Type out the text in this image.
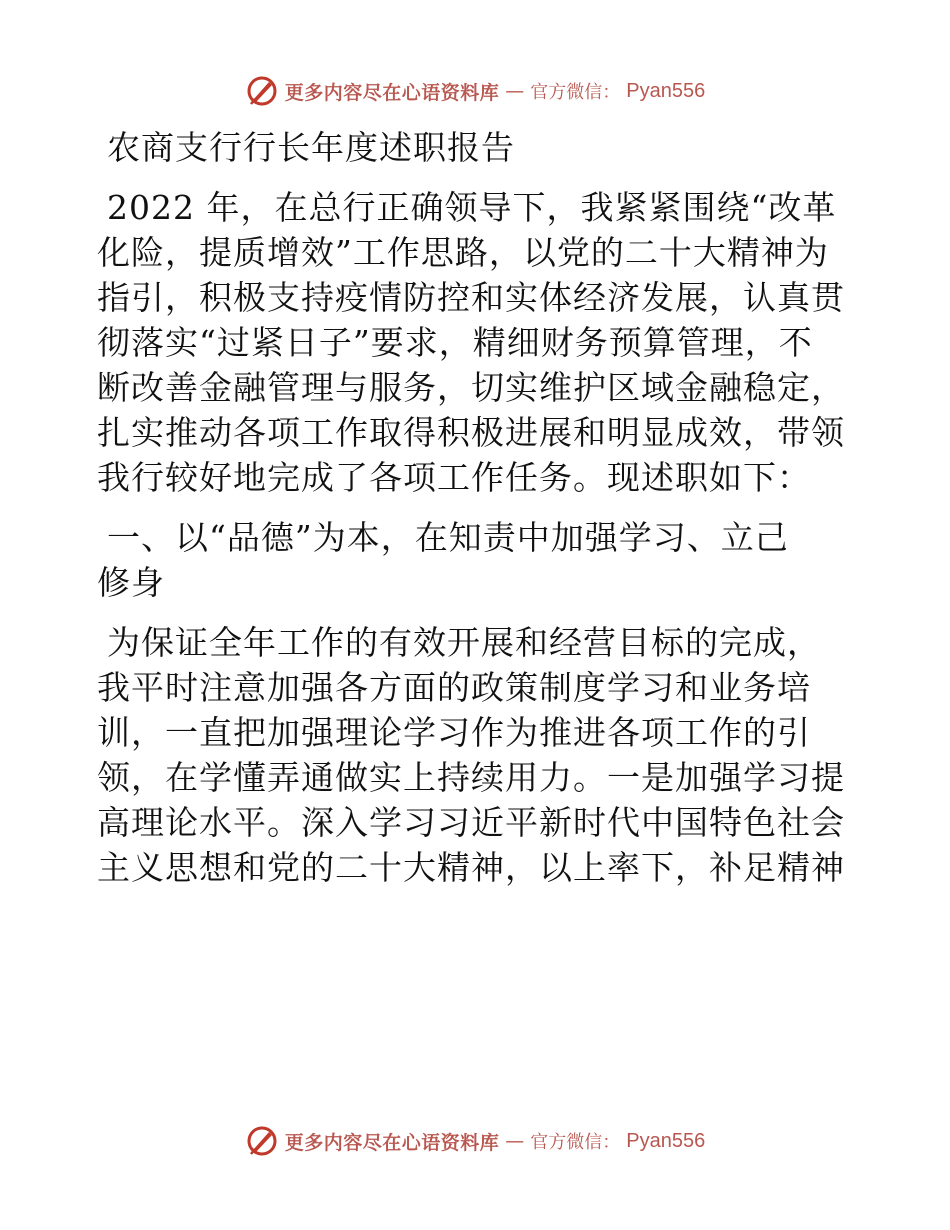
更多内容尽在心语资料库 — 官方微信： Pyan556
农商支行行长年度述职报告
2022 年，在总行正确领导下，我紧紧围绕“改革
化险，提质增效”工作思路，以党的二十大精神为
指引，积极支持疫情防控和实体经济发展，认真贯
彻落实“过紧日子”要求，精细财务预算管理，不
断改善金融管理与服务，切实维护区域金融稳定，
扎实推动各项工作取得积极进展和明显成效，带领
我行较好地完成了各项工作任务。现述职如下：
一、以“品德”为本，在知责中加强学习、立己
修身
为保证全年工作的有效开展和经营目标的完成，
我平时注意加强各方面的政策制度学习和业务培
训，一直把加强理论学习作为推进各项工作的引
领，在学懂弄通做实上持续用力。一是加强学习提
高理论水平。深入学习习近平新时代中国特色社会
主义思想和党的二十大精神，以上率下，补足精神
更多内容尽在心语资料库 — 官方微信： Pyan556
